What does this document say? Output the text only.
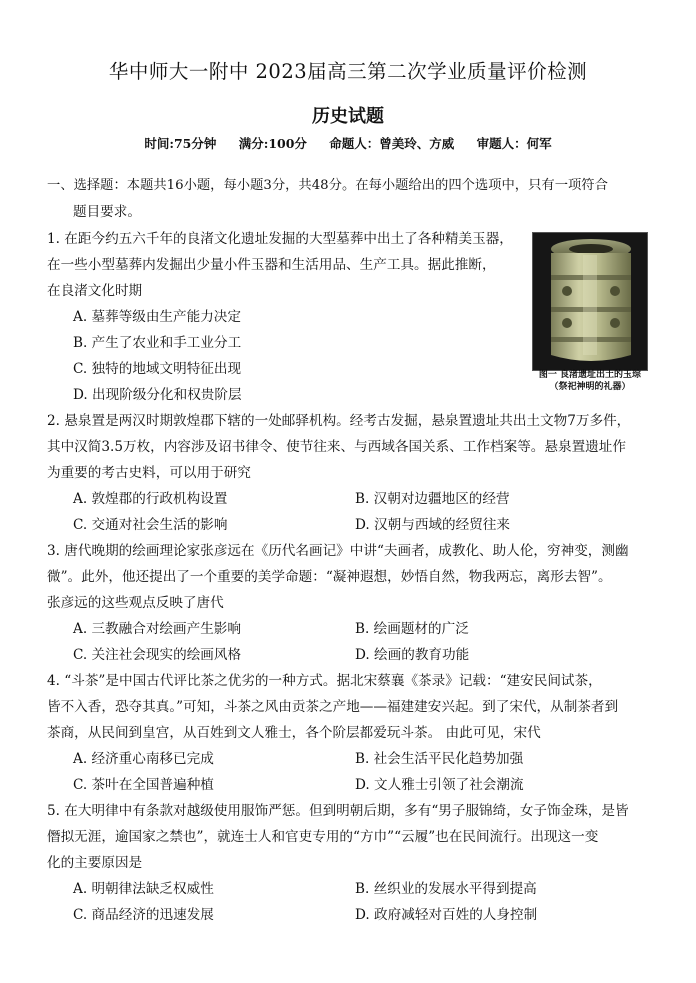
华中师大一附中 2023届高三第二次学业质量评价检测
历史试题
时间:75分钟 满分:100分 命题人：曾美玲、方威 审题人：何军
一、选择题：本题共16小题，每小题3分，共48分。在每小题给出的四个选项中，只有一项符合
题目要求。
图一 良渚遗址出土的玉琮
（祭祀神明的礼器）
1. 在距今约五六千年的良渚文化遗址发掘的大型墓葬中出土了各种精美玉器，
在一些小型墓葬内发掘出少量小件玉器和生活用品、生产工具。据此推断，
在良渚文化时期
A. 墓葬等级由生产能力决定
B. 产生了农业和手工业分工
C. 独特的地域文明特征出现
D. 出现阶级分化和权贵阶层
2. 悬泉置是两汉时期敦煌郡下辖的一处邮驿机构。经考古发掘，悬泉置遗址共出土文物7万多件，
其中汉简3.5万枚，内容涉及诏书律令、使节往来、与西域各国关系、工作档案等。悬泉置遗址作
为重要的考古史料，可以用于研究
A. 敦煌郡的行政机构设置	B. 汉朝对边疆地区的经营
C. 交通对社会生活的影响	D. 汉朝与西域的经贸往来
3. 唐代晚期的绘画理论家张彦远在《历代名画记》中讲“夫画者，成教化、助人伦，穷神变，测幽
微”。此外，他还提出了一个重要的美学命题：“凝神遐想，妙悟自然，物我两忘，离形去智”。
张彦远的这些观点反映了唐代
A. 三教融合对绘画产生影响	B. 绘画题材的广泛
C. 关注社会现实的绘画风格	D. 绘画的教育功能
4. “斗茶”是中国古代评比茶之优劣的一种方式。据北宋蔡襄《茶录》记载：“建安民间试茶，
皆不入香，恐夺其真。”可知，斗茶之风由贡茶之产地——福建建安兴起。到了宋代，从制茶者到
茶商，从民间到皇宫，从百姓到文人雅士，各个阶层都爱玩斗茶。 由此可见，宋代
A. 经济重心南移已完成	B. 社会生活平民化趋势加强
C. 茶叶在全国普遍种植	D. 文人雅士引领了社会潮流
5. 在大明律中有条款对越级使用服饰严惩。但到明朝后期，多有“男子服锦绮，女子饰金珠，是皆
僭拟无涯，逾国家之禁也”，就连士人和官吏专用的“方巾”“云履”也在民间流行。出现这一变
化的主要原因是
A. 明朝律法缺乏权威性	B. 丝织业的发展水平得到提高
C. 商品经济的迅速发展	D. 政府减轻对百姓的人身控制
